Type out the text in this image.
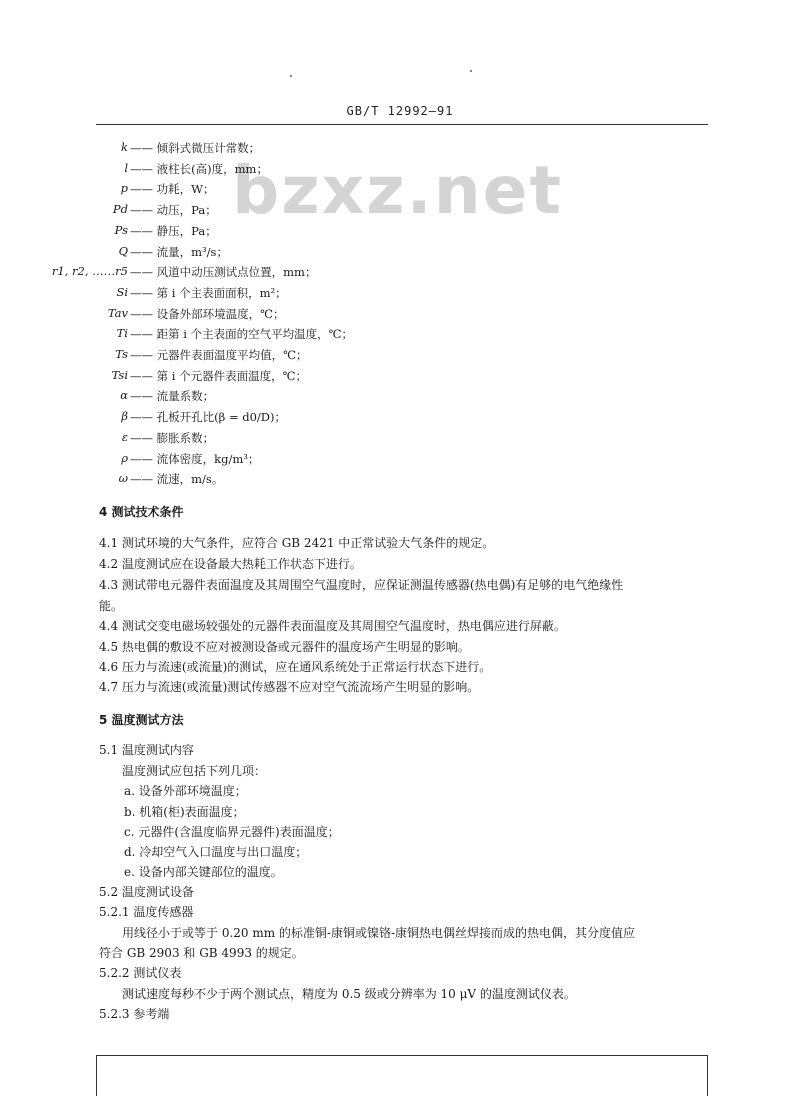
GB/T 12992—91
bzxz.net
k —— 倾斜式微压计常数；
l —— 液柱长(高)度，mm；
p —— 功耗，W；
Pd —— 动压，Pa；
Ps —— 静压，Pa；
Q —— 流量，m³/s；
r1, r2, ……r5 —— 风道中动压测试点位置，mm；
Si —— 第 i 个主表面面积，m²；
Tav —— 设备外部环境温度，℃；
Ti —— 距第 i 个主表面的空气平均温度，℃；
Ts —— 元器件表面温度平均值，℃；
Tsi —— 第 i 个元器件表面温度，℃；
α —— 流量系数；
β —— 孔板开孔比(β = d0/D)；
ε —— 膨胀系数；
ρ —— 流体密度，kg/m³；
ω —— 流速，m/s。
4 测试技术条件
4.1 测试环境的大气条件，应符合 GB 2421 中正常试验大气条件的规定。
4.2 温度测试应在设备最大热耗工作状态下进行。
4.3 测试带电元器件表面温度及其周围空气温度时，应保证测温传感器(热电偶)有足够的电气绝缘性
能。
4.4 测试交变电磁场较强处的元器件表面温度及其周围空气温度时，热电偶应进行屏蔽。
4.5 热电偶的敷设不应对被测设备或元器件的温度场产生明显的影响。
4.6 压力与流速(或流量)的测试，应在通风系统处于正常运行状态下进行。
4.7 压力与流速(或流量)测试传感器不应对空气流流场产生明显的影响。
5 温度测试方法
5.1 温度测试内容
温度测试应包括下列几项：
a. 设备外部环境温度；
b. 机箱(柜)表面温度；
c. 元器件(含温度临界元器件)表面温度；
d. 冷却空气入口温度与出口温度；
e. 设备内部关键部位的温度。
5.2 温度测试设备
5.2.1 温度传感器
用线径小于或等于 0.20 mm 的标准铜-康铜或镍铬-康铜热电偶丝焊接而成的热电偶，其分度值应
符合 GB 2903 和 GB 4993 的规定。
5.2.2 测试仪表
测试速度每秒不少于两个测试点，精度为 0.5 级或分辨率为 10 μV 的温度测试仪表。
5.2.3 参考端
